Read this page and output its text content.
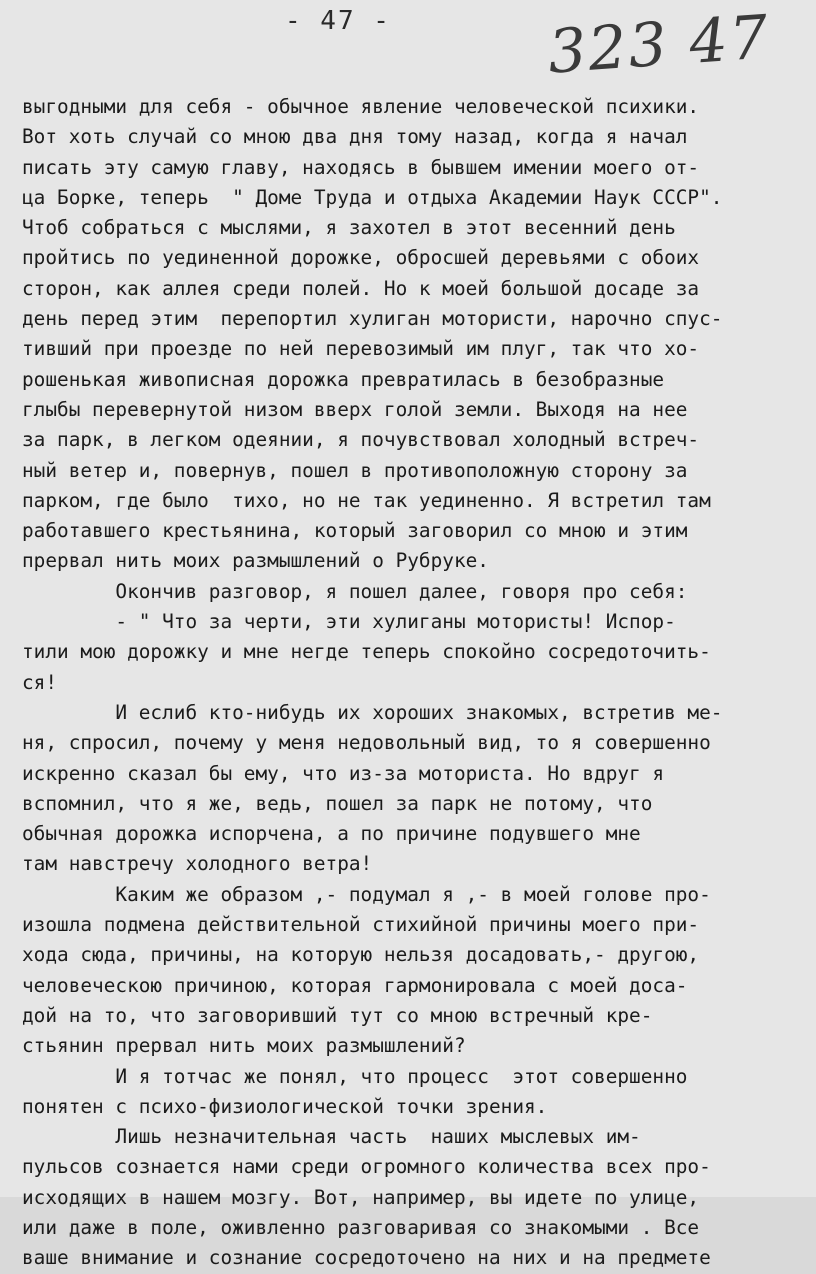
- 47 -	323 47
выгодными для себя - обычное явление человеческой психики.
Вот хоть случай со мною два дня тому назад, когда я начал
писать эту самую главу, находясь в бывшем имении моего от-
ца Борке, теперь  " Доме Труда и отдыха Академии Наук СССР".
Чтоб собраться с мыслями, я захотел в этот весенний день
пройтись по уединенной дорожке, обросшей деревьями с обоих
сторон, как аллея среди полей. Но к моей большой досаде за
день перед этим  перепортил хулиган мотористи, нарочно спус-
тивший при проезде по ней перевозимый им плуг, так что хо-
рошенькая живописная дорожка превратилась в безобразные
глыбы перевернутой низом вверх голой земли. Выходя на нее
за парк, в легком одеянии, я почувствовал холодный встреч-
ный ветер и, повернув, пошел в противоположную сторону за
парком, где было  тихо, но не так уединенно. Я встретил там
работавшего крестьянина, который заговорил со мною и этим
прервал нить моих размышлений о Рубруке.
Окончив разговор, я пошел далее, говоря про себя:
- " Что за черти, эти хулиганы мотористы! Испор-
тили мою дорожку и мне негде теперь спокойно сосредоточить-
ся!
И еслиб кто-нибудь их хороших знакомых, встретив ме-
ня, спросил, почему у меня недовольный вид, то я совершенно
искренно сказал бы ему, что из-за моториста. Но вдруг я
вспомнил, что я же, ведь, пошел за парк не потому, что
обычная дорожка испорчена, а по причине подувшего мне
там навстречу холодного ветра!
Каким же образом ,- подумал я ,- в моей голове про-
изошла подмена действительной стихийной причины моего при-
хода сюда, причины, на которую нельзя досадовать,- другою,
человеческою причиною, которая гармонировала с моей доса-
дой на то, что заговоривший тут со мною встречный кре-
стьянин прервал нить моих размышлений?
И я тотчас же понял, что процесс  этот совершенно
понятен с психо-физиологической точки зрения.
Лишь незначительная часть  наших мыслевых им-
пульсов сознается нами среди огромного количества всех про-
исходящих в нашем мозгу. Вот, например, вы идете по улице,
или даже в поле, оживленно разговаривая со знакомыми . Все
ваше внимание и сознание сосредоточено на них и на предмете
